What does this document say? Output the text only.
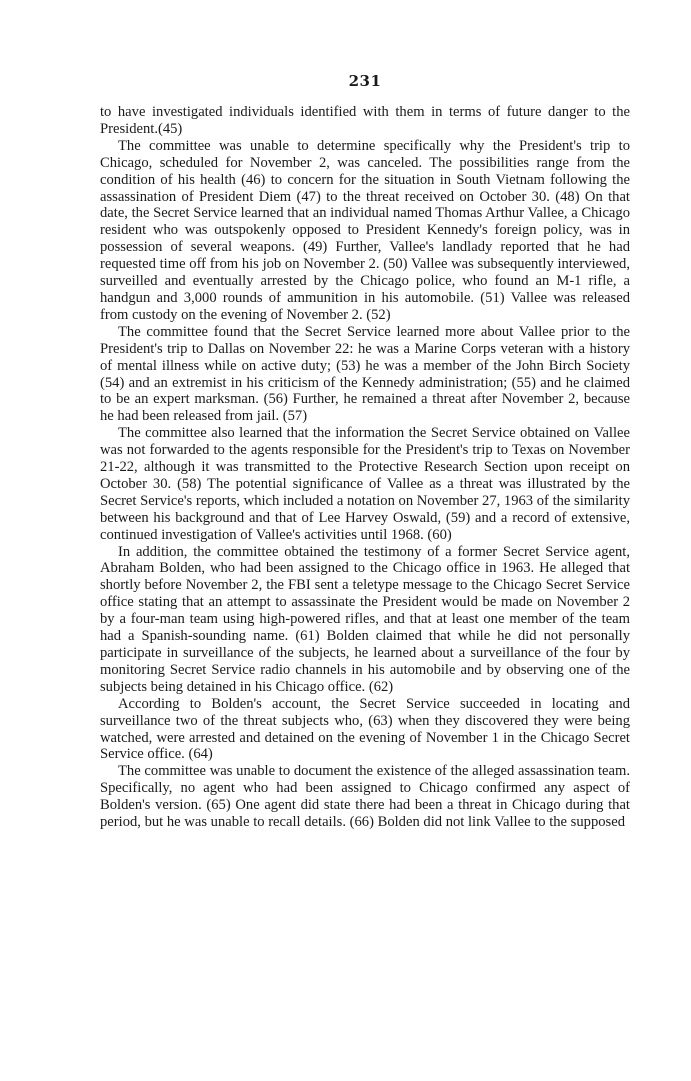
231

to have investigated individuals identified with them in terms of future danger to the President.(45)

The committee was unable to determine specifically why the President's trip to Chicago, scheduled for November 2, was canceled. The possibilities range from the condition of his health (46) to concern for the situation in South Vietnam following the assassination of President Diem (47) to the threat received on October 30. (48) On that date, the Secret Service learned that an individual named Thomas Arthur Vallee, a Chicago resident who was outspokenly opposed to President Kennedy's foreign policy, was in possession of several weapons. (49) Further, Vallee's landlady reported that he had requested time off from his job on November 2. (50) Vallee was subsequently interviewed, surveilled and eventually arrested by the Chicago police, who found an M-1 rifle, a handgun and 3,000 rounds of ammunition in his automobile. (51) Vallee was released from custody on the evening of November 2. (52)

The committee found that the Secret Service learned more about Vallee prior to the President's trip to Dallas on November 22: he was a Marine Corps veteran with a history of mental illness while on active duty; (53) he was a member of the John Birch Society (54) and an extremist in his criticism of the Kennedy administration; (55) and he claimed to be an expert marksman. (56) Further, he remained a threat after November 2, because he had been released from jail. (57)

The committee also learned that the information the Secret Service obtained on Vallee was not forwarded to the agents responsible for the President's trip to Texas on November 21-22, although it was transmitted to the Protective Research Section upon receipt on October 30. (58) The potential significance of Vallee as a threat was illustrated by the Secret Service's reports, which included a notation on November 27, 1963 of the similarity between his background and that of Lee Harvey Oswald, (59) and a record of extensive, continued investigation of Vallee's activities until 1968. (60)

In addition, the committee obtained the testimony of a former Secret Service agent, Abraham Bolden, who had been assigned to the Chicago office in 1963. He alleged that shortly before November 2, the FBI sent a teletype message to the Chicago Secret Service office stating that an attempt to assassinate the President would be made on November 2 by a four-man team using high-powered rifles, and that at least one member of the team had a Spanish-sounding name. (61) Bolden claimed that while he did not personally participate in surveillance of the subjects, he learned about a surveillance of the four by monitoring Secret Service radio channels in his automobile and by observing one of the subjects being detained in his Chicago office. (62)

According to Bolden's account, the Secret Service succeeded in locating and surveillance two of the threat subjects who, (63) when they discovered they were being watched, were arrested and detained on the evening of November 1 in the Chicago Secret Service office. (64)

The committee was unable to document the existence of the alleged assassination team. Specifically, no agent who had been assigned to Chicago confirmed any aspect of Bolden's version. (65) One agent did state there had been a threat in Chicago during that period, but he was unable to recall details. (66) Bolden did not link Vallee to the supposed
